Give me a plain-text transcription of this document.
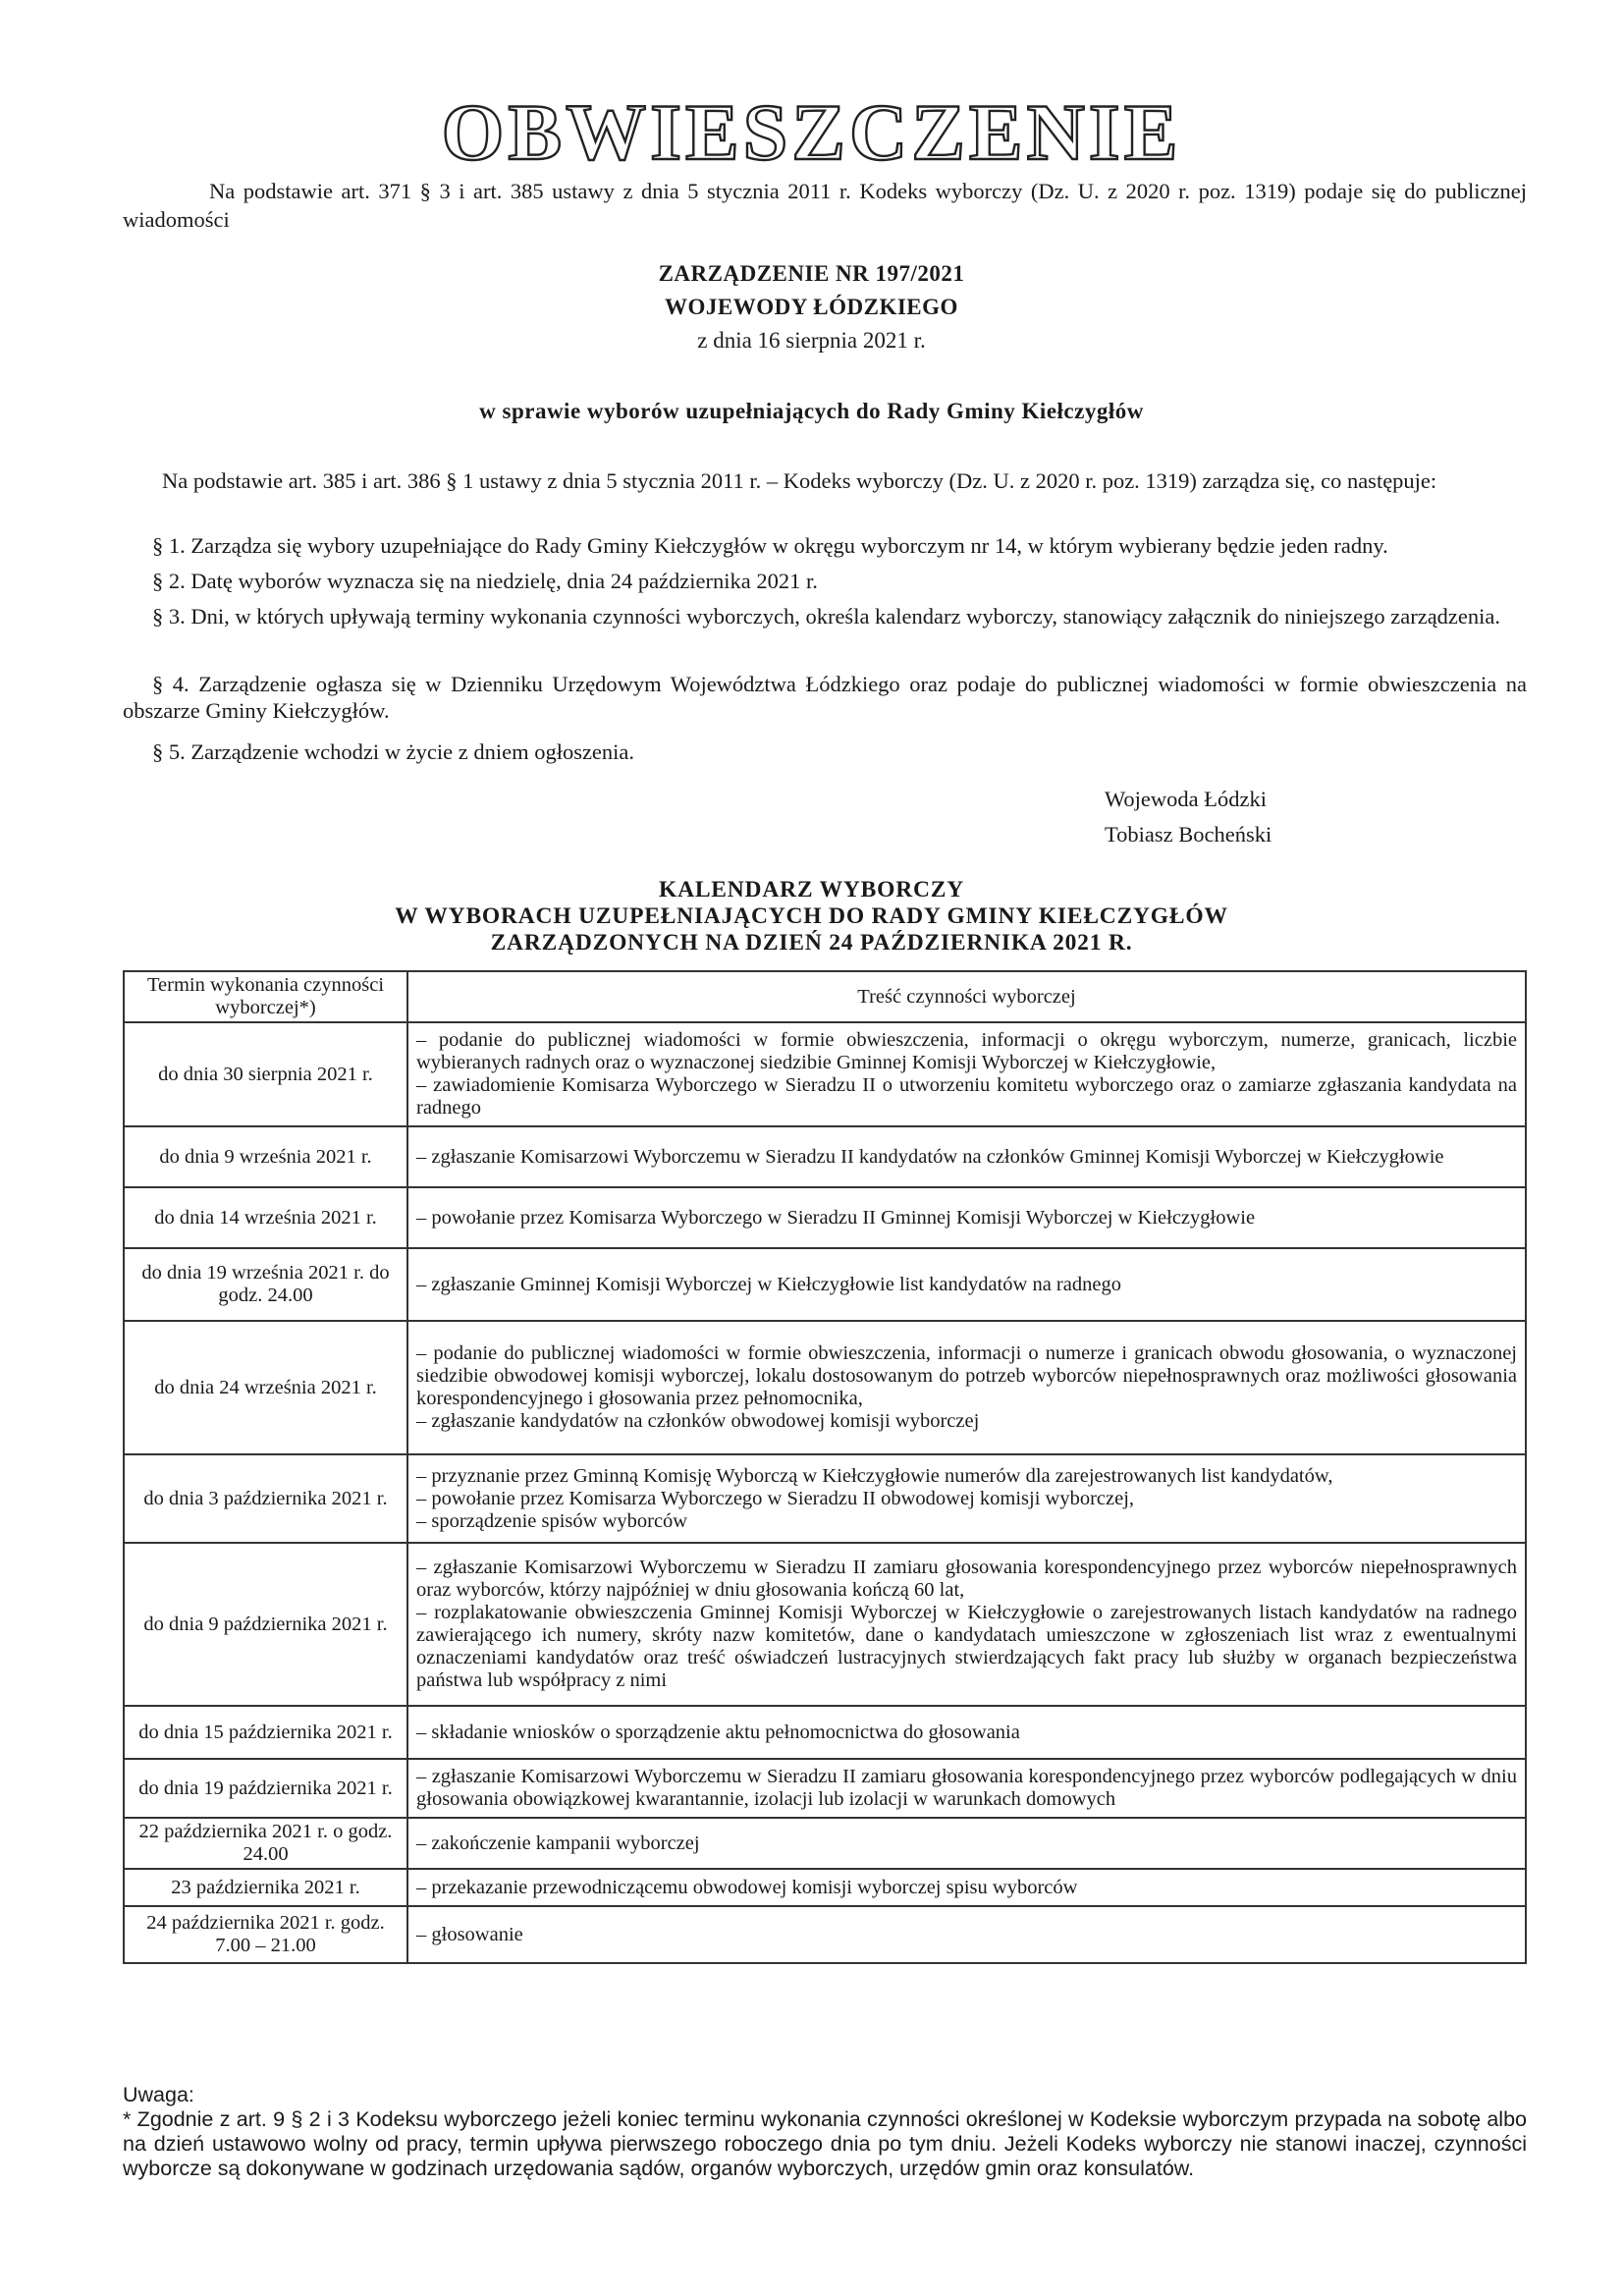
OBWIESZCZENIE
Na podstawie art. 371 § 3 i art. 385 ustawy z dnia 5 stycznia 2011 r. Kodeks wyborczy (Dz. U. z 2020 r. poz. 1319) podaje się do publicznej wiadomości
ZARZĄDZENIE NR 197/2021
WOJEWODY ŁÓDZKIEGO
z dnia 16 sierpnia 2021 r.
w sprawie wyborów uzupełniających do Rady Gminy Kiełczygłów
Na podstawie art. 385 i art. 386 § 1 ustawy z dnia 5 stycznia 2011 r. – Kodeks wyborczy (Dz. U. z 2020 r. poz. 1319) zarządza się, co następuje:
§ 1. Zarządza się wybory uzupełniające do Rady Gminy Kiełczygłów w okręgu wyborczym nr 14, w którym wybierany będzie jeden radny.
§ 2. Datę wyborów wyznacza się na niedzielę, dnia 24 października 2021 r.
§ 3. Dni, w których upływają terminy wykonania czynności wyborczych, określa kalendarz wyborczy, stanowiący załącznik do niniejszego zarządzenia.
§ 4. Zarządzenie ogłasza się w Dzienniku Urzędowym Województwa Łódzkiego oraz podaje do publicznej wiadomości w formie obwieszczenia na obszarze Gminy Kiełczygłów.
§ 5. Zarządzenie wchodzi w życie z dniem ogłoszenia.
Wojewoda Łódzki
Tobiasz Bocheński
KALENDARZ WYBORCZY
W WYBORACH UZUPEŁNIAJĄCYCH DO RADY GMINY KIEŁCZYGŁÓW
ZARZĄDZONYCH NA DZIEŃ 24 PAŹDZIERNIKA 2021 R.
Termin wykonania czynności wyborczej*)	Treść czynności wyborczej
do dnia 30 sierpnia 2021 r.	– podanie do publicznej wiadomości w formie obwieszczenia, informacji o okręgu wyborczym, numerze, granicach, liczbie wybieranych radnych oraz o wyznaczonej siedzibie Gminnej Komisji Wyborczej w Kiełczygłowie,
– zawiadomienie Komisarza Wyborczego w Sieradzu II o utworzeniu komitetu wyborczego oraz o zamiarze zgłaszania kandydata na radnego

do dnia 9 września 2021 r.	– zgłaszanie Komisarzowi Wyborczemu w Sieradzu II kandydatów na członków Gminnej Komisji Wyborczej w Kiełczygłowie

do dnia 14 września 2021 r.	– powołanie przez Komisarza Wyborczego w Sieradzu II Gminnej Komisji Wyborczej w Kiełczygłowie

do dnia 19 września 2021 r. do godz. 24.00	– zgłaszanie Gminnej Komisji Wyborczej w Kiełczygłowie list kandydatów na radnego

do dnia 24 września 2021 r.	– podanie do publicznej wiadomości w formie obwieszczenia, informacji o numerze i granicach obwodu głosowania, o wyznaczonej siedzibie obwodowej komisji wyborczej, lokalu dostosowanym do potrzeb wyborców niepełnosprawnych oraz możliwości głosowania korespondencyjnego i głosowania przez pełnomocnika,
– zgłaszanie kandydatów na członków obwodowej komisji wyborczej

do dnia 3 października 2021 r.	– przyznanie przez Gminną Komisję Wyborczą w Kiełczygłowie numerów dla zarejestrowanych list kandydatów,
– powołanie przez Komisarza Wyborczego w Sieradzu II obwodowej komisji wyborczej,
– sporządzenie spisów wyborców

do dnia 9 października 2021 r.	– zgłaszanie Komisarzowi Wyborczemu w Sieradzu II zamiaru głosowania korespondencyjnego przez wyborców niepełnosprawnych oraz wyborców, którzy najpóźniej w dniu głosowania kończą 60 lat,
– rozplakatowanie obwieszczenia Gminnej Komisji Wyborczej w Kiełczygłowie o zarejestrowanych listach kandydatów na radnego zawierającego ich numery, skróty nazw komitetów, dane o kandydatach umieszczone w zgłoszeniach list wraz z ewentualnymi oznaczeniami kandydatów oraz treść oświadczeń lustracyjnych stwierdzających fakt pracy lub służby w organach bezpieczeństwa państwa lub współpracy z nimi

do dnia 15 października 2021 r.	– składanie wniosków o sporządzenie aktu pełnomocnictwa do głosowania

do dnia 19 października 2021 r.	– zgłaszanie Komisarzowi Wyborczemu w Sieradzu II zamiaru głosowania korespondencyjnego przez wyborców podlegających w dniu głosowania obowiązkowej kwarantannie, izolacji lub izolacji w warunkach domowych

22 października 2021 r. o godz. 24.00	– zakończenie kampanii wyborczej

23 października 2021 r.	– przekazanie przewodniczącemu obwodowej komisji wyborczej spisu wyborców

24 października 2021 r. godz. 7.00 – 21.00	– głosowanie
Uwaga:
* Zgodnie z art. 9 § 2 i 3 Kodeksu wyborczego jeżeli koniec terminu wykonania czynności określonej w Kodeksie wyborczym przypada na sobotę albo na dzień ustawowo wolny od pracy, termin upływa pierwszego roboczego dnia po tym dniu. Jeżeli Kodeks wyborczy nie stanowi inaczej, czynności wyborcze są dokonywane w godzinach urzędowania sądów, organów wyborczych, urzędów gmin oraz konsulatów.
